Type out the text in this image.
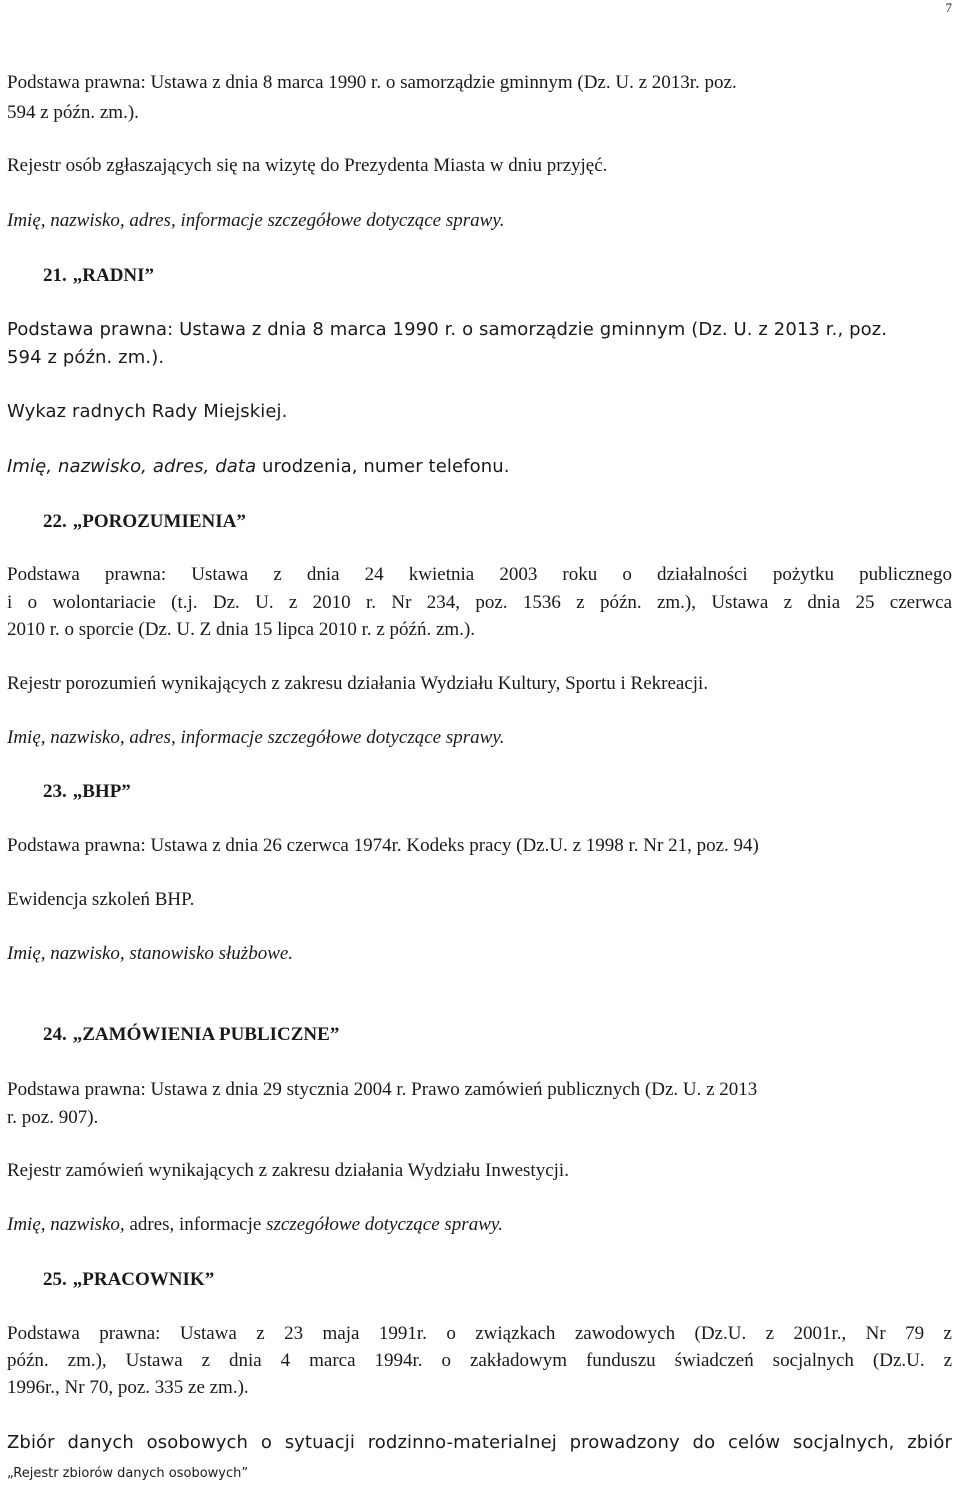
7
Podstawa prawna: Ustawa z dnia 8 marca 1990 r. o samorządzie gminnym (Dz. U. z 2013r. poz.
594 z późn. zm.).
Rejestr osób zgłaszających się na wizytę do Prezydenta Miasta w dniu przyjęć.
Imię, nazwisko, adres, informacje szczegółowe dotyczące sprawy.
21. „RADNI”
Podstawa prawna: Ustawa z dnia 8 marca 1990 r. o samorządzie gminnym (Dz. U. z 2013 r., poz.
594 z późn. zm.).
Wykaz radnych Rady Miejskiej.
Imię, nazwisko, adres, data urodzenia, numer telefonu.
22. „POROZUMIENIA”
Podstawa prawna: Ustawa z dnia 24 kwietnia 2003 roku o działalności pożytku publicznego
i o wolontariacie (t.j. Dz. U. z 2010 r. Nr 234, poz. 1536 z późn. zm.), Ustawa z dnia 25 czerwca
2010 r. o sporcie (Dz. U. Z dnia 15 lipca 2010 r. z późń. zm.).
Rejestr porozumień wynikających z zakresu działania Wydziału Kultury, Sportu i Rekreacji.
Imię, nazwisko, adres, informacje szczegółowe dotyczące sprawy.
23. „BHP”
Podstawa prawna: Ustawa z dnia 26 czerwca 1974r. Kodeks pracy (Dz.U. z 1998 r. Nr 21, poz. 94)
Ewidencja szkoleń BHP.
Imię, nazwisko, stanowisko służbowe.
24. „ZAMÓWIENIA PUBLICZNE”
Podstawa prawna: Ustawa z dnia 29 stycznia 2004 r. Prawo zamówień publicznych (Dz. U. z 2013
r. poz. 907).
Rejestr zamówień wynikających z zakresu działania Wydziału Inwestycji.
Imię, nazwisko, adres, informacje szczegółowe dotyczące sprawy.
25. „PRACOWNIK”
Podstawa prawna: Ustawa z 23 maja 1991r. o związkach zawodowych (Dz.U. z 2001r., Nr 79 z
późn. zm.), Ustawa z dnia 4 marca 1994r. o zakładowym funduszu świadczeń socjalnych (Dz.U. z
1996r., Nr 70, poz. 335 ze zm.).
Zbiór danych osobowych o sytuacji rodzinno-materialnej prowadzony do celów socjalnych, zbiór
„Rejestr zbiorów danych osobowych”
